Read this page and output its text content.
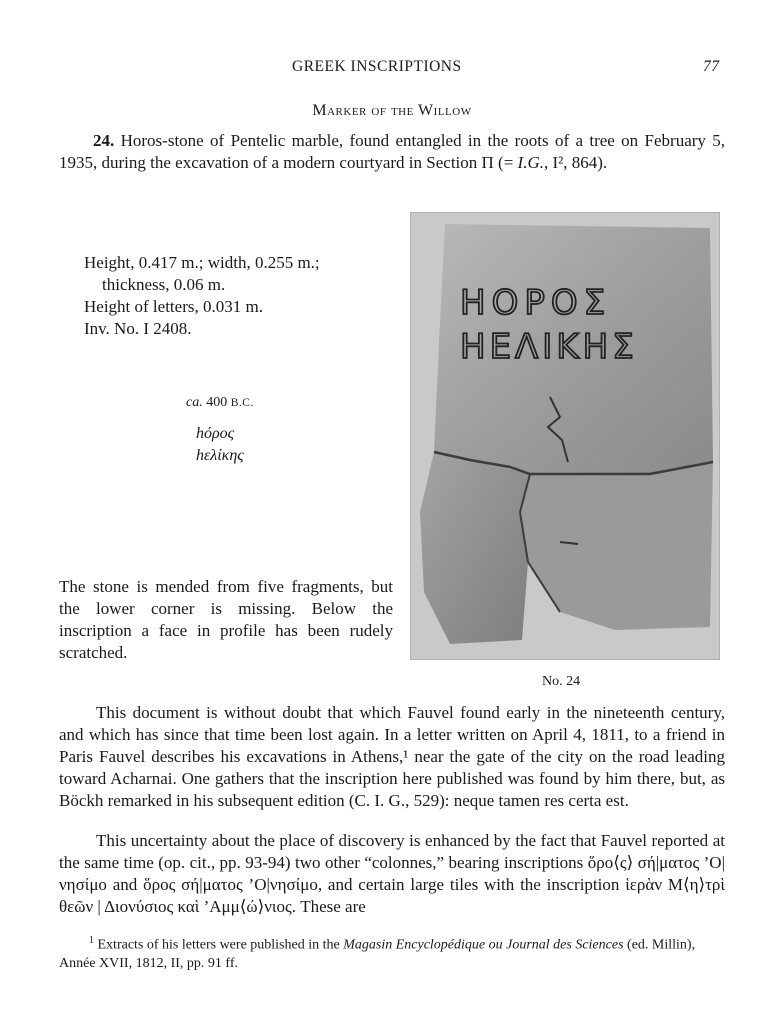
GREEK INSCRIPTIONS	77
Marker of the Willow
24. Horos-stone of Pentelic marble, found entangled in the roots of a tree on February 5, 1935, during the excavation of a modern courtyard in Section Π (= I.G., I², 864).
Height, 0.417 m.; width, 0.255 m.;
thickness, 0.06 m.
Height of letters, 0.031 m.
Inv. No. I 2408.
ca. 400 B.C.
hόρος
hελίκης
ΗΟΡΟΣ
ΗΕΛΙΚΗΣ
No. 24
The stone is mended from five fragments, but the lower corner is missing. Below the inscription a face in profile has been rudely scratched.
This document is without doubt that which Fauvel found early in the nineteenth century, and which has since that time been lost again. In a letter written on April 4, 1811, to a friend in Paris Fauvel describes his excavations in Athens,¹ near the gate of the city on the road leading toward Acharnai. One gathers that the inscription here published was found by him there, but, as Böckh remarked in his subsequent edition (C. I. G., 529): neque tamen res certa est.
This uncertainty about the place of discovery is enhanced by the fact that Fauvel reported at the same time (op. cit., pp. 93-94) two other “colonnes,” bearing inscriptions ὅρο⟨ς⟩ σή|ματος ’Ο|νησίμο and ὅρος σή|ματος ’Ο|νησίμο, and certain large tiles with the inscription ἱερὰν Μ⟨η⟩τρὶ θεῶν | Διονύσιος καὶ ’Αμμ⟨ώ⟩νιος. These are
$^1$ Extracts of his letters were published in the Magasin Encyclopédique ou Journal des Sciences (ed. Millin), Année XVII, 1812, II, pp. 91 ff.
